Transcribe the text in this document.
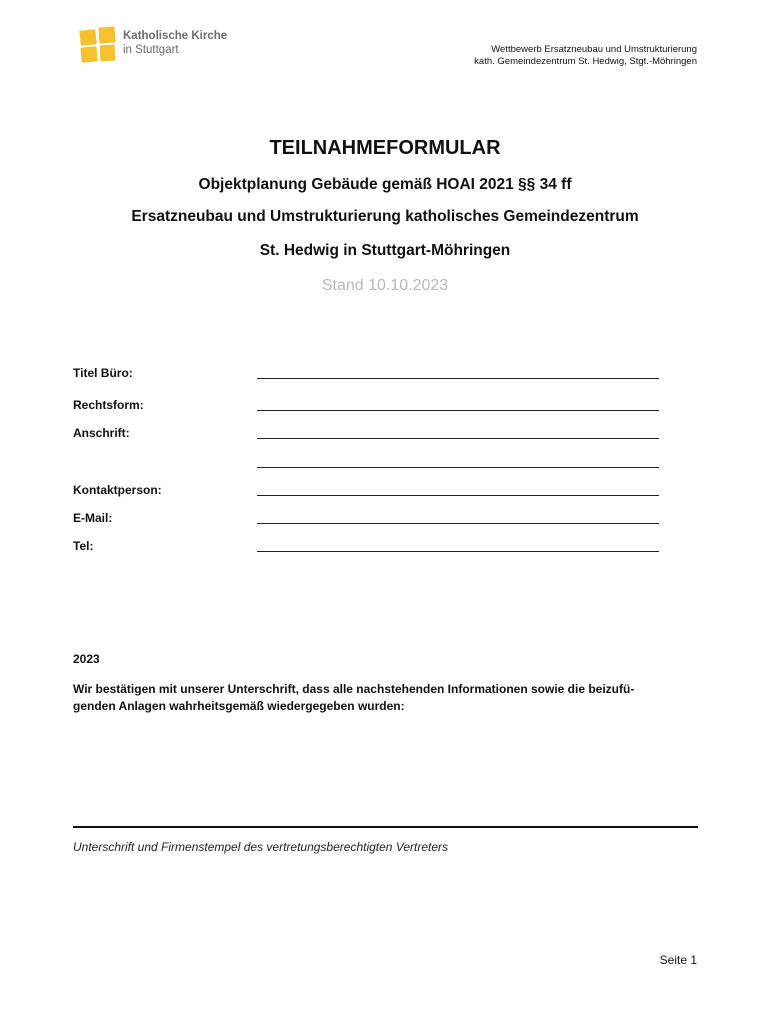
Katholische Kirche
in Stuttgart	Wettbewerb Ersatzneubau und Umstrukturierung
kath. Gemeindezentrum St. Hedwig, Stgt.-Möhringen
TEILNAHMEFORMULAR
Objektplanung Gebäude gemäß HOAI 2021 §§ 34 ff
Ersatzneubau und Umstrukturierung katholisches Gemeindezentrum
St. Hedwig in Stuttgart-Möhringen
Stand 10.10.2023
Titel Büro:
Rechtsform:
Anschrift:
Kontaktperson:
E-Mail:
Tel:
2023
Wir bestätigen mit unserer Unterschrift, dass alle nachstehenden Informationen sowie die beizufü-
genden Anlagen wahrheitsgemäß wiedergegeben wurden:
Unterschrift und Firmenstempel des vertretungsberechtigten Vertreters
Seite 1
